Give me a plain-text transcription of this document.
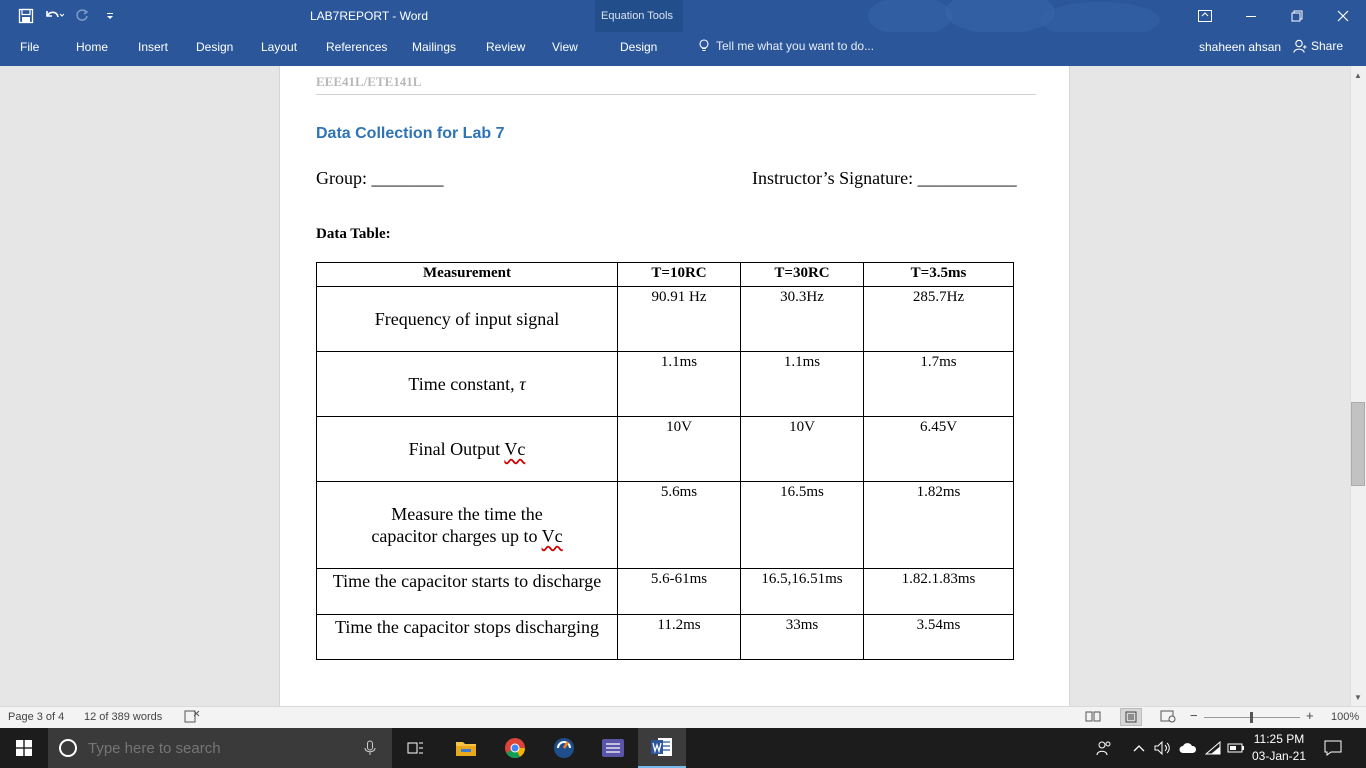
LAB7REPORT - Word	Equation Tools
File	Home Insert Design Layout References Mailings Review View	Design	Tell me what you want to do...	shaheen ahsan Share
EEE41L/ETE141L
Data Collection for Lab 7
Group: ________	Instructor’s Signature: ___________
Data Table:
Measurement	T=10RC	T=30RC	T=3.5ms
Frequency of input signal	90.91 Hz	30.3Hz	285.7Hz
Time constant, τ	1.1ms	1.1ms	1.7ms
Final Output Vc	10V	10V	6.45V
Measure the time the capacitor charges up to Vc	5.6ms	16.5ms	1.82ms
Time the capacitor starts to discharge	5.6-61ms	16.5,16.51ms	1.82.1.83ms
Time the capacitor stops discharging	11.2ms	33ms	3.54ms
▲
▼
Page 3 of 4 12 of 389 words	−	+ 100%
Type here to search
11:25 PM
03-Jan-21
